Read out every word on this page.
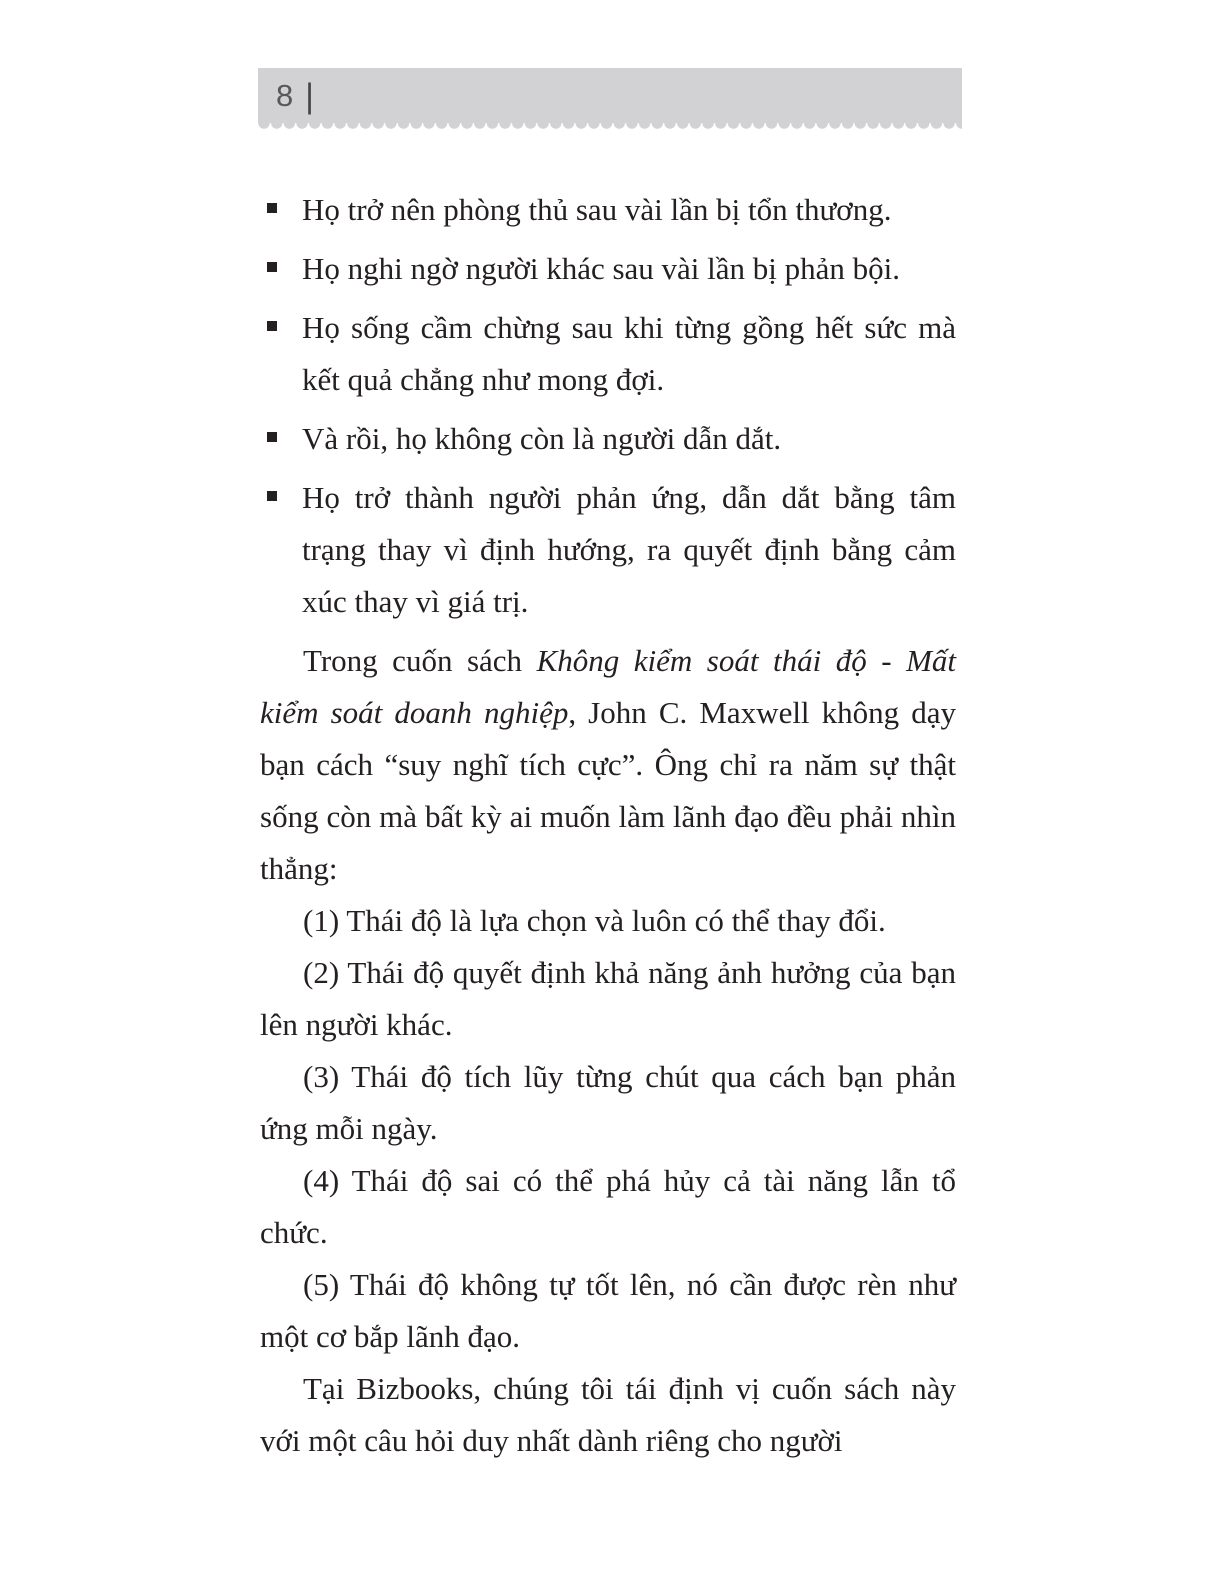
8 |
Họ trở nên phòng thủ sau vài lần bị tổn thương.
Họ nghi ngờ người khác sau vài lần bị phản bội.
Họ sống cầm chừng sau khi từng gồng hết sức mà kết quả chẳng như mong đợi.
Và rồi, họ không còn là người dẫn dắt.
Họ trở thành người phản ứng, dẫn dắt bằng tâm trạng thay vì định hướng, ra quyết định bằng cảm xúc thay vì giá trị.

Trong cuốn sách Không kiểm soát thái độ - Mất kiểm soát doanh nghiệp, John C. Maxwell không dạy bạn cách “suy nghĩ tích cực”. Ông chỉ ra năm sự thật sống còn mà bất kỳ ai muốn làm lãnh đạo đều phải nhìn thẳng:

(1) Thái độ là lựa chọn và luôn có thể thay đổi.

(2) Thái độ quyết định khả năng ảnh hưởng của bạn lên người khác.

(3) Thái độ tích lũy từng chút qua cách bạn phản ứng mỗi ngày.

(4) Thái độ sai có thể phá hủy cả tài năng lẫn tổ chức.

(5) Thái độ không tự tốt lên, nó cần được rèn như một cơ bắp lãnh đạo.

Tại Bizbooks, chúng tôi tái định vị cuốn sách này với một câu hỏi duy nhất dành riêng cho người
